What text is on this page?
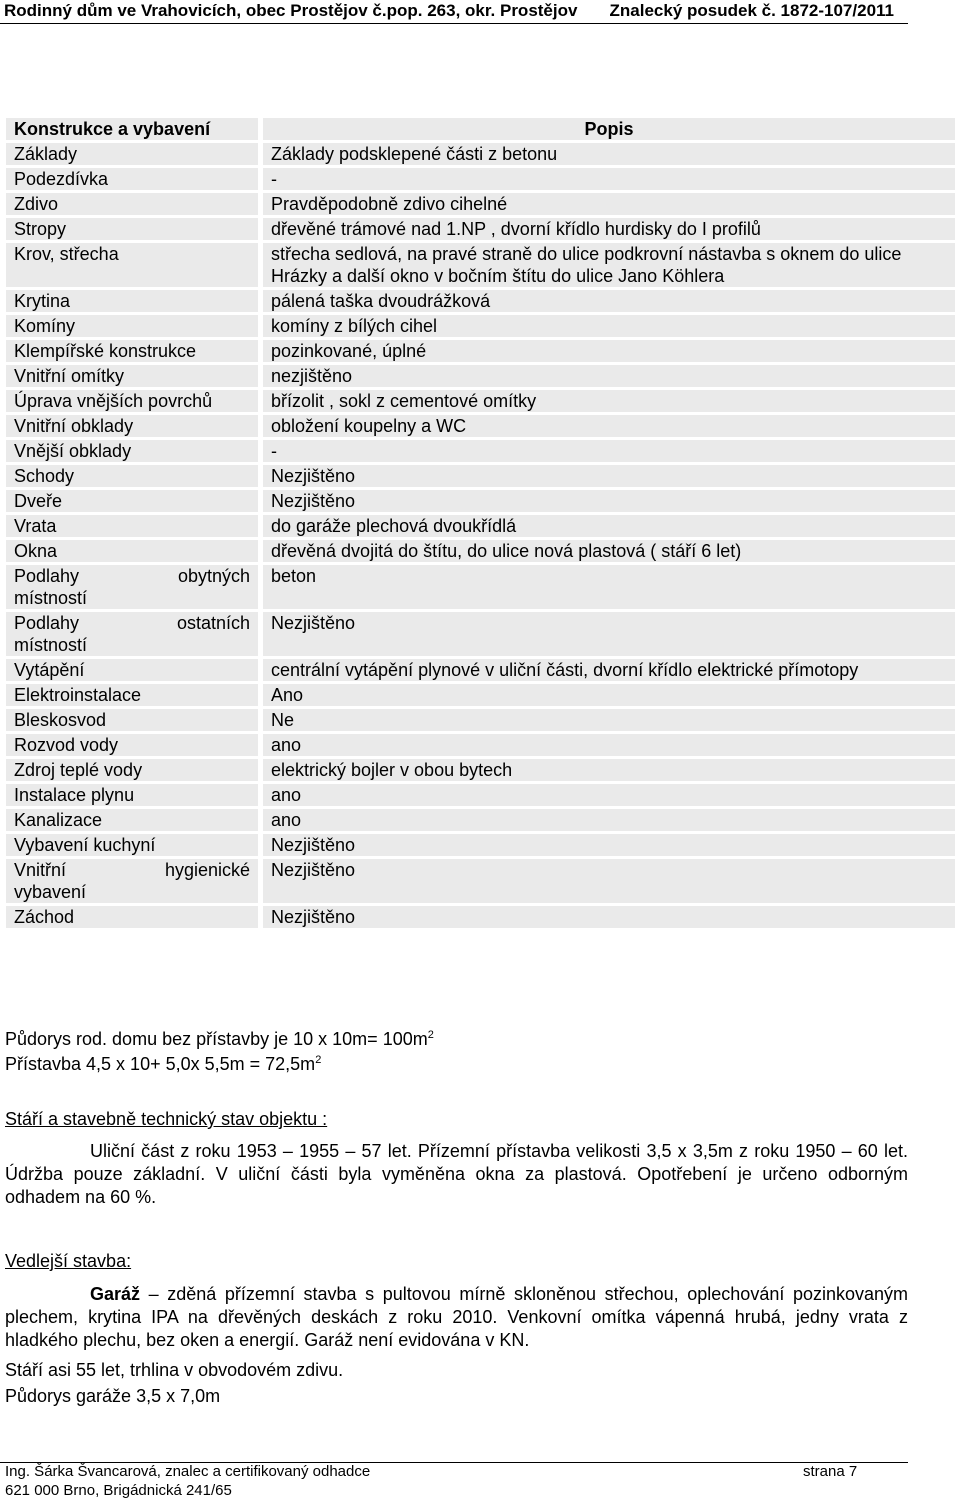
Rodinný dům ve Vrahovicích, obec Prostějov č.pop. 263, okr. Prostějov Znalecký posudek č. 1872-107/2011
Konstrukce a vybavení		Popis
Základy		Základy podsklepené části z betonu
Podezdívka		-
Zdivo		Pravděpodobně zdivo cihelné
Stropy		dřevěné trámové nad 1.NP , dvorní křídlo hurdisky do I profilů
Krov, střecha		střecha sedlová, na pravé straně do ulice podkrovní nástavba s oknem do ulice Hrázky a další okno v bočním štítu do ulice Jano Köhlera
Krytina		pálená taška dvoudrážková
Komíny		komíny z bílých cihel
Klempířské konstrukce		pozinkované, úplné
Vnitřní omítky		nezjištěno
Úprava vnějších povrchů		břízolit , sokl z cementové omítky
Vnitřní obklady		obložení koupelny a WC
Vnější obklady		-
Schody		Nezjištěno
Dveře		Nezjištěno
Vrata		do garáže plechová dvoukřídlá
Okna		dřevěná dvojitá do štítu, do ulice nová plastová ( stáří 6 let)

Podlahy obytných
místností		beton

Podlahy ostatních
místností		Nezjištěno
Vytápění		centrální vytápění plynové v uliční části, dvorní křídlo elektrické přímotopy
Elektroinstalace		Ano
Bleskosvod		Ne
Rozvod vody		ano
Zdroj teplé vody		elektrický bojler v obou bytech
Instalace plynu		ano
Kanalizace		ano
Vybavení kuchyní		Nezjištěno

Vnitřní hygienické
vybavení		Nezjištěno
Záchod		Nezjištěno
Půdorys rod. domu bez přístavby je 10 x $10m= 100m^2$
Přístavba 4,5 x 10+ 5,0x $5,5m = 72,5m^2$
Stáří a stavebně technický stav objektu :
Uliční část z roku 1953 – 1955 – 57 let. Přízemní přístavba velikosti 3,5 x 3,5m z roku 1950 – 60 let. Údržba pouze základní. V uliční části byla vyměněna okna za plastová. Opotřebení je určeno odborným odhadem na 60 %.
Vedlejší stavba:
Garáž – zděná přízemní stavba s pultovou mírně skloněnou střechou, oplechování pozinkovaným plechem, krytina IPA na dřevěných deskách z roku 2010. Venkovní omítka vápenná hrubá, jedny vrata z hladkého plechu, bez oken a energií. Garáž není evidována v KN.
Stáří asi 55 let, trhlina v obvodovém zdivu.
Půdorys garáže 3,5 x 7,0m
Ing. Šárka Švancarová, znalec a certifikovaný odhadce
621 000 Brno, Brigádnická 241/65
strana 7
